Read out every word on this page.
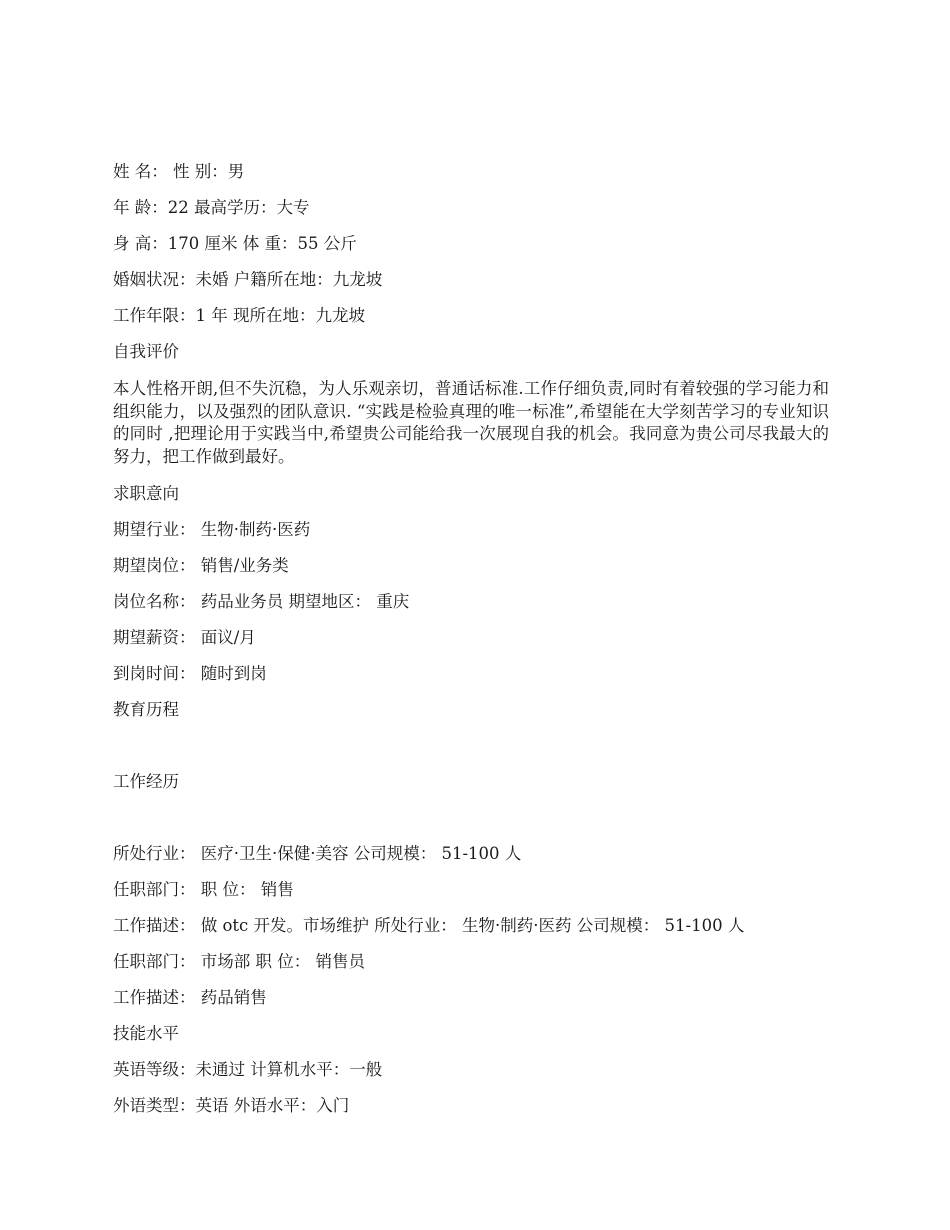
姓 名： 性 别：男
年 龄：22 最高学历：大专
身 高：170 厘米 体 重：55 公斤
婚姻状况：未婚 户籍所在地：九龙坡
工作年限：1 年 现所在地：九龙坡
自我评价
本人性格开朗,但不失沉稳，为人乐观亲切，普通话标准.工作仔细负责,同时有着较强的学习能力和组织能力，以及强烈的团队意识. “实践是检验真理的唯一标准”,希望能在大学刻苦学习的专业知识的同时 ,把理论用于实践当中,希望贵公司能给我一次展现自我的机会。我同意为贵公司尽我最大的努力，把工作做到最好。
求职意向
期望行业： 生物·制药·医药
期望岗位： 销售/业务类
岗位名称： 药品业务员 期望地区： 重庆
期望薪资： 面议/月
到岗时间： 随时到岗
教育历程
工作经历
所处行业： 医疗·卫生·保健·美容 公司规模： 51-100 人
任职部门： 职 位： 销售
工作描述： 做 otc 开发。市场维护 所处行业： 生物·制药·医药 公司规模： 51-100 人
任职部门： 市场部 职 位： 销售员
工作描述： 药品销售
技能水平
英语等级：未通过 计算机水平：一般
外语类型：英语 外语水平：入门
